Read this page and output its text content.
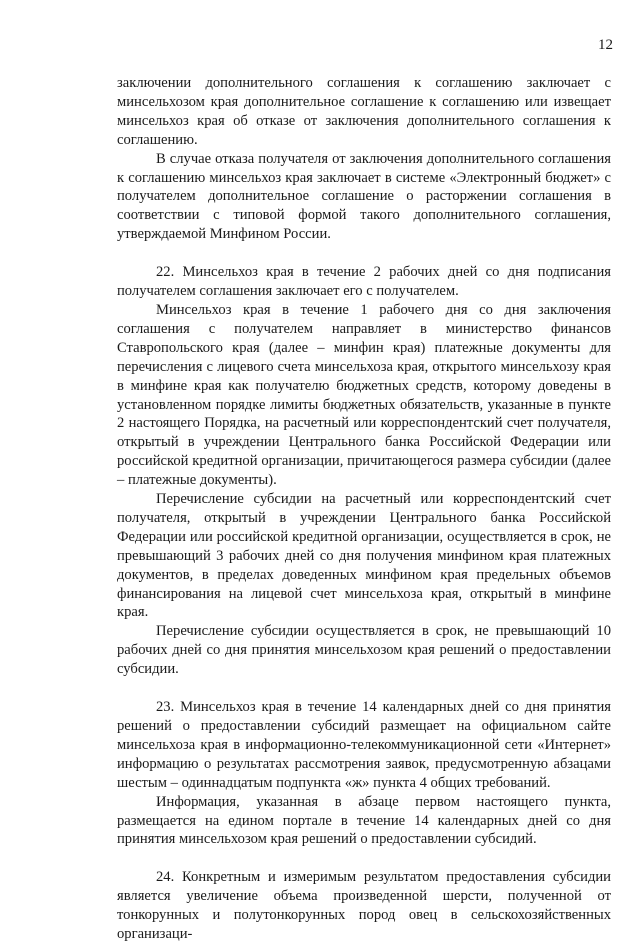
12

заключении дополнительного соглашения к соглашению заключает с минсельхозом края дополнительное соглашение к соглашению или извещает минсельхоз края об отказе от заключения дополнительного соглашения к соглашению.

В случае отказа получателя от заключения дополнительного соглашения к соглашению минсельхоз края заключает в системе «Электронный бюджет» с получателем дополнительное соглашение о расторжении соглашения в соответствии с типовой формой такого дополнительного соглашения, утверждаемой Минфином России.

22. Минсельхоз края в течение 2 рабочих дней со дня подписания получателем соглашения заключает его с получателем.

Минсельхоз края в течение 1 рабочего дня со дня заключения соглашения с получателем направляет в министерство финансов Ставропольского края (далее – минфин края) платежные документы для перечисления с лицевого счета минсельхоза края, открытого минсельхозу края в минфине края как получателю бюджетных средств, которому доведены в установленном порядке лимиты бюджетных обязательств, указанные в пункте 2 настоящего Порядка, на расчетный или корреспондентский счет получателя, открытый в учреждении Центрального банка Российской Федерации или российской кредитной организации, причитающегося размера субсидии (далее – платежные документы).

Перечисление субсидии на расчетный или корреспондентский счет получателя, открытый в учреждении Центрального банка Российской Федерации или российской кредитной организации, осуществляется в срок, не превышающий 3 рабочих дней со дня получения минфином края платежных документов, в пределах доведенных минфином края предельных объемов финансирования на лицевой счет минсельхоза края, открытый в минфине края.

Перечисление субсидии осуществляется в срок, не превышающий 10 рабочих дней со дня принятия минсельхозом края решений о предоставлении субсидии.

23. Минсельхоз края в течение 14 календарных дней со дня принятия решений о предоставлении субсидий размещает на официальном сайте минсельхоза края в информационно-телекоммуникационной сети «Интернет» информацию о результатах рассмотрения заявок, предусмотренную абзацами шестым – одиннадцатым подпункта «ж» пункта 4 общих требований.

Информация, указанная в абзаце первом настоящего пункта, размещается на едином портале в течение 14 календарных дней со дня принятия минсельхозом края решений о предоставлении субсидий.

24. Конкретным и измеримым результатом предоставления субсидии является увеличение объема произведенной шерсти, полученной от тонкорунных и полутонкорунных пород овец в сельскохозяйственных организаци-
